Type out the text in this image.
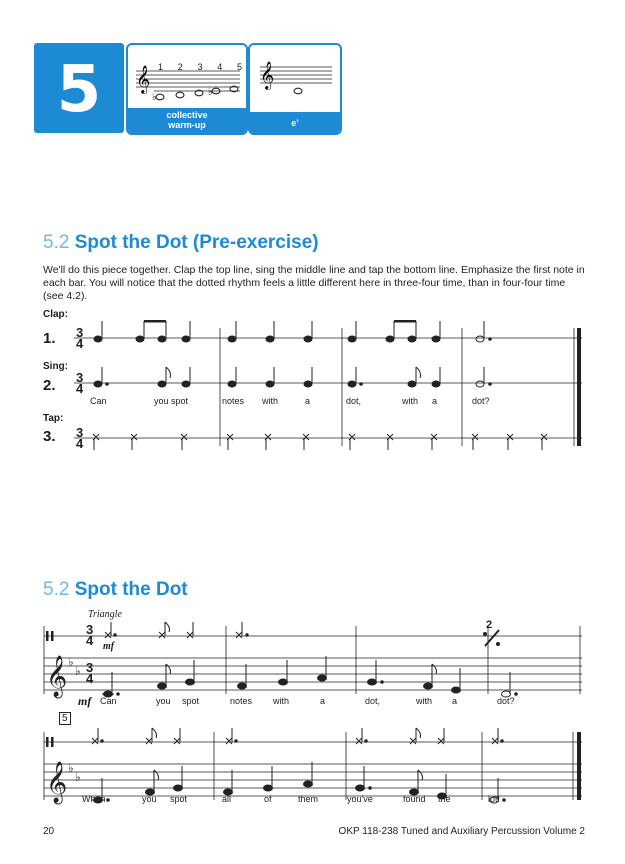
5	𝄞
♭	♭
1 2 3 4 5
collective
warm-up
𝄞
e’
5.2 Spot the Dot (Pre-exercise)
We'll do this piece together. Clap the top line, sing the middle line and tap the bottom line. Emphasize the first note in each bar. You will notice that the dotted rhythm feels a little different here in three-four time, than in four-four time (see 4.2).
Clap:
1.
Sing:
2.
Tap:
3.
3
4
3
4
3
4
Can	you spot	notes with	a	dot,	with a	dot?
5.2 Spot the Dot
Triangle
3
4
3
4
𝄞 ♭
♭
2
𝄞 ♭
♭
mf
mf Can	you spot	notes with	a	dot,	with a	dot?
5
When	you spot	all	of	them	you've	found the	lot!
20	OKP 118-238 Tuned and Auxiliary Percussion Volume 2
